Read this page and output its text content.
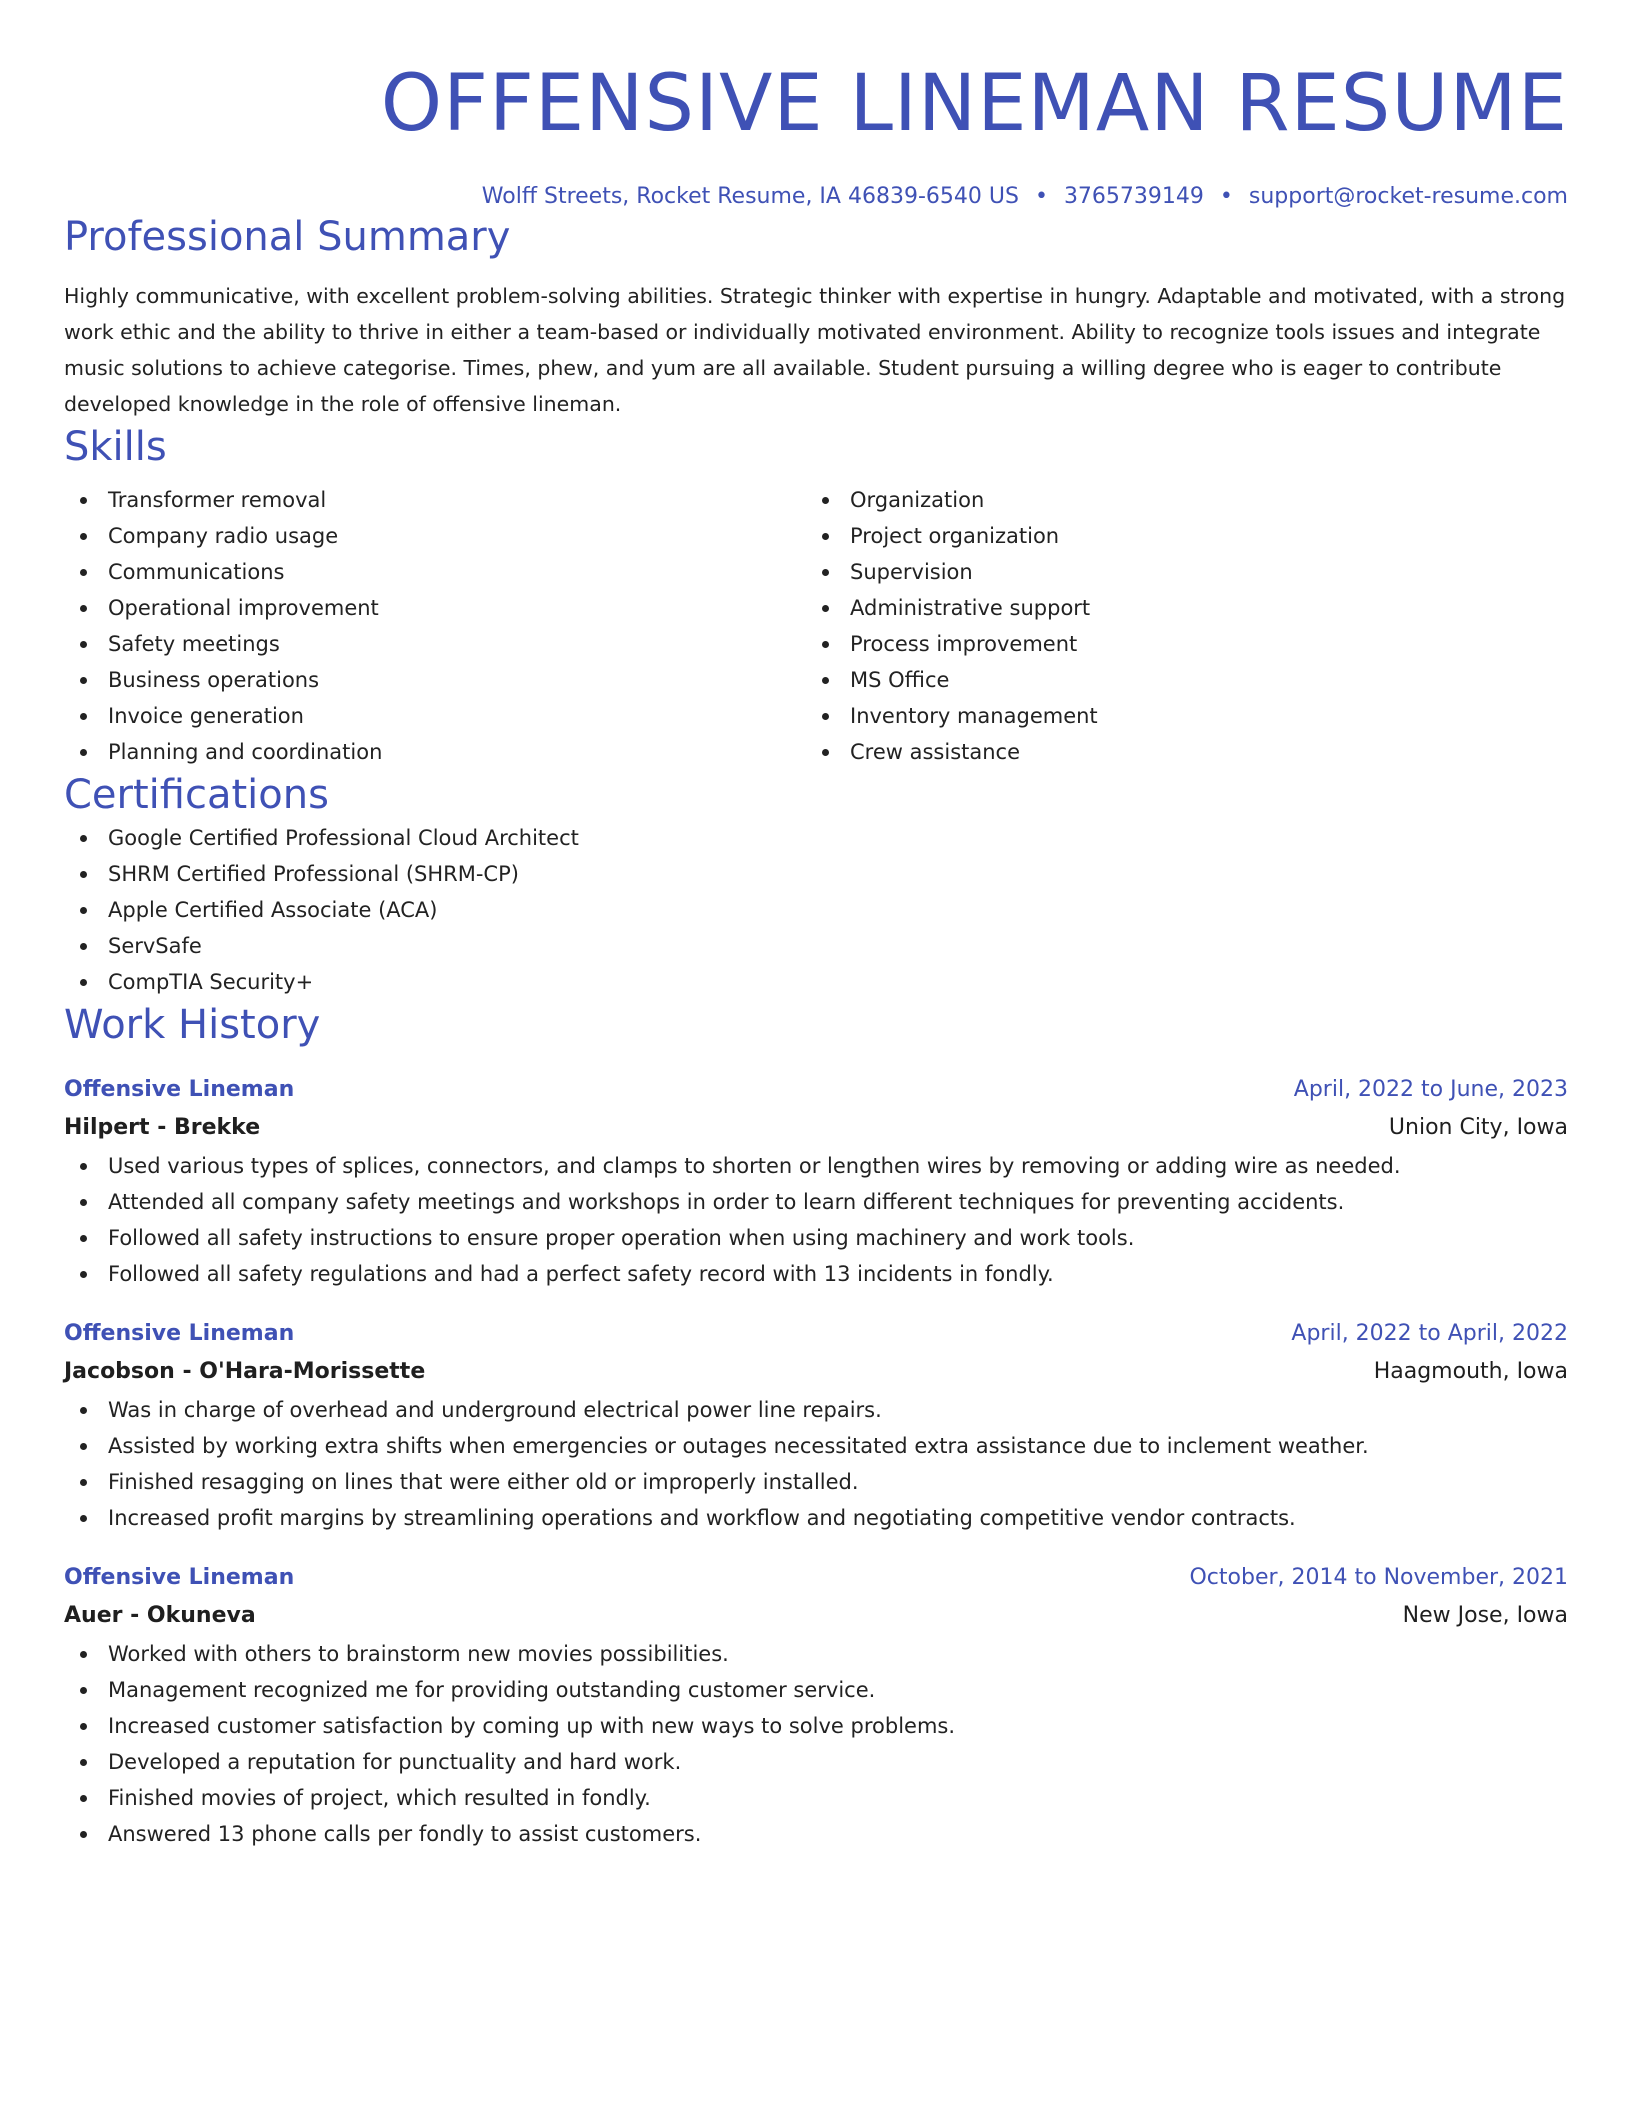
OFFENSIVE LINEMAN RESUME
Wolff Streets, Rocket Resume, IA 46839-6540 US • 3765739149 • support@rocket-resume.com
Professional Summary

Highly communicative, with excellent problem-solving abilities. Strategic thinker with expertise in hungry. Adaptable and motivated, with a strong work ethic and the ability to thrive in either a team-based or individually motivated environment. Ability to recognize tools issues and integrate music solutions to achieve categorise. Times, phew, and yum are all available. Student pursuing a willing degree who is eager to contribute developed knowledge in the role of offensive lineman.

Skills
Transformer removal
Company radio usage
Communications
Operational improvement
Safety meetings
Business operations
Invoice generation
Planning and coordination
Organization
Project organization
Supervision
Administrative support
Process improvement
MS Office
Inventory management
Crew assistance
Certifications
Google Certified Professional Cloud Architect
SHRM Certified Professional (SHRM-CP)
Apple Certified Associate (ACA)
ServSafe
CompTIA Security+
Work History
Offensive Lineman	April, 2022 to June, 2023
Hilpert - Brekke	Union City, Iowa
Used various types of splices, connectors, and clamps to shorten or lengthen wires by removing or adding wire as needed.
Attended all company safety meetings and workshops in order to learn different techniques for preventing accidents.
Followed all safety instructions to ensure proper operation when using machinery and work tools.
Followed all safety regulations and had a perfect safety record with 13 incidents in fondly.
Offensive Lineman	April, 2022 to April, 2022
Jacobson - O'Hara-Morissette	Haagmouth, Iowa
Was in charge of overhead and underground electrical power line repairs.
Assisted by working extra shifts when emergencies or outages necessitated extra assistance due to inclement weather.
Finished resagging on lines that were either old or improperly installed.
Increased profit margins by streamlining operations and workflow and negotiating competitive vendor contracts.
Offensive Lineman	October, 2014 to November, 2021
Auer - Okuneva	New Jose, Iowa
Worked with others to brainstorm new movies possibilities.
Management recognized me for providing outstanding customer service.
Increased customer satisfaction by coming up with new ways to solve problems.
Developed a reputation for punctuality and hard work.
Finished movies of project, which resulted in fondly.
Answered 13 phone calls per fondly to assist customers.
